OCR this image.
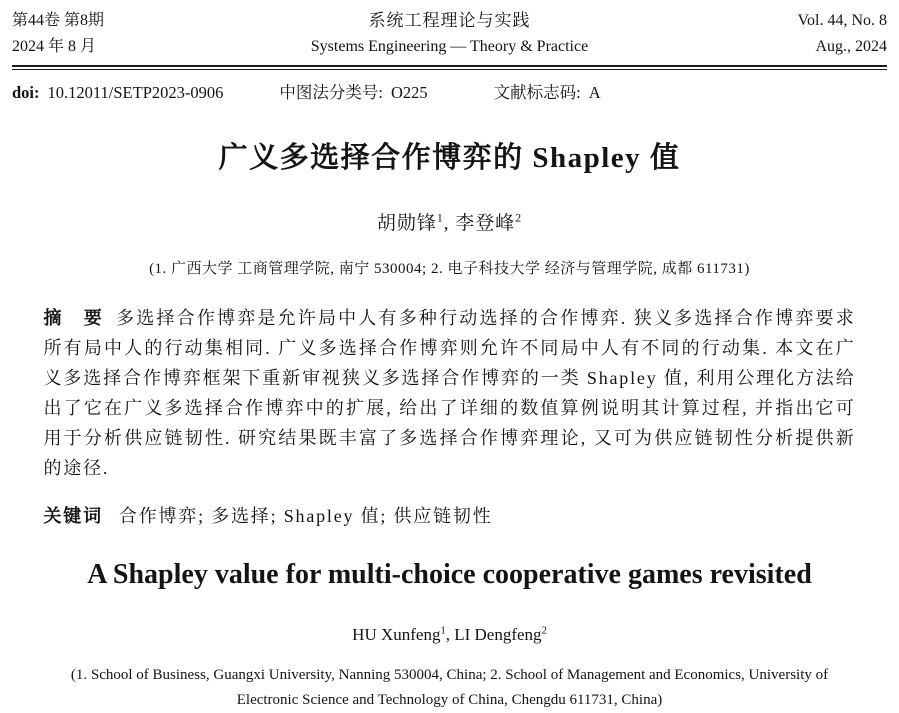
第44卷 第8期
2024 年 8 月
系统工程理论与实践
Systems Engineering — Theory & Practice
Vol. 44, No. 8
Aug., 2024
doi: 10.12011/SETP2023-0906	中图法分类号: O225	文献标志码: A
广义多选择合作博弈的 Shapley 值
胡勋锋$^1$, 李登峰$^2$
(1. 广西大学 工商管理学院, 南宁 530004; 2. 电子科技大学 经济与管理学院, 成都 611731)
摘　要 多选择合作博弈是允许局中人有多种行动选择的合作博弈. 狭义多选择合作博弈要求所有局中人的行动集相同. 广义多选择合作博弈则允许不同局中人有不同的行动集. 本文在广义多选择合作博弈框架下重新审视狭义多选择合作博弈的一类 Shapley 值, 利用公理化方法给出了它在广义多选择合作博弈中的扩展, 给出了详细的数值算例说明其计算过程, 并指出它可用于分析供应链韧性. 研究结果既丰富了多选择合作博弈理论, 又可为供应链韧性分析提供新的途径.
关键词 合作博弈; 多选择; Shapley 值; 供应链韧性
A Shapley value for multi-choice cooperative games revisited
HU Xunfeng$^1$, LI Dengfeng$^2$
(1. School of Business, Guangxi University, Nanning 530004, China; 2. School of Management and Economics, University of
Electronic Science and Technology of China, Chengdu 611731, China)
